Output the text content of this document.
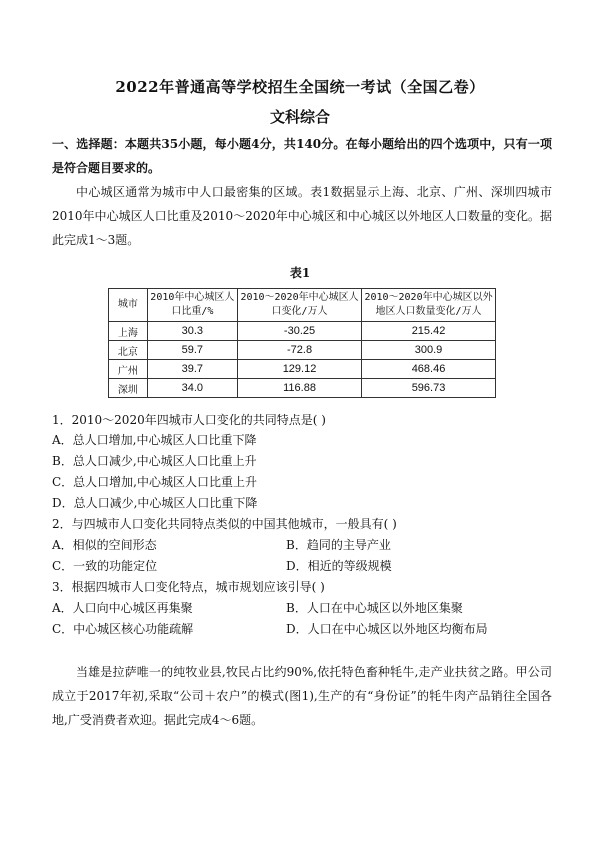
2022年普通高等学校招生全国统一考试（全国乙卷）
文科综合
一、选择题：本题共35小题，每小题4分，共140分。在每小题给出的四个选项中，只有一项是符合题目要求的。
中心城区通常为城市中人口最密集的区域。表1数据显示上海、北京、广州、深圳四城市2010年中心城区人口比重及2010～2020年中心城区和中心城区以外地区人口数量的变化。据此完成1～3题。
表1
城市	2010年中心城区人口比重/%	2010～2020年中心城区人口变化/万人	2010～2020年中心城区以外地区人口数量变化/万人
上海	30.3	-30.25	215.42
北京	59.7	-72.8	300.9
广州	39.7	129.12	468.46
深圳	34.0	116.88	596.73
1．2010～2020年四城市人口变化的共同特点是( )
A．总人口增加,中心城区人口比重下降
B．总人口减少,中心城区人口比重上升
C．总人口增加,中心城区人口比重上升
D．总人口减少,中心城区人口比重下降
2．与四城市人口变化共同特点类似的中国其他城市，一般具有( )
A．相似的空间形态	B．趋同的主导产业
C．一致的功能定位	D．相近的等级规模
3．根据四城市人口变化特点，城市规划应该引导( )
A．人口向中心城区再集聚	B．人口在中心城区以外地区集聚
C．中心城区核心功能疏解	D．人口在中心城区以外地区均衡布局
当雄是拉萨唯一的纯牧业县,牧民占比约90%,依托特色畜种牦牛,走产业扶贫之路。甲公司成立于2017年初,采取“公司＋农户”的模式(图1),生产的有“身份证”的牦牛肉产品销往全国各地,广受消费者欢迎。据此完成4～6题。
